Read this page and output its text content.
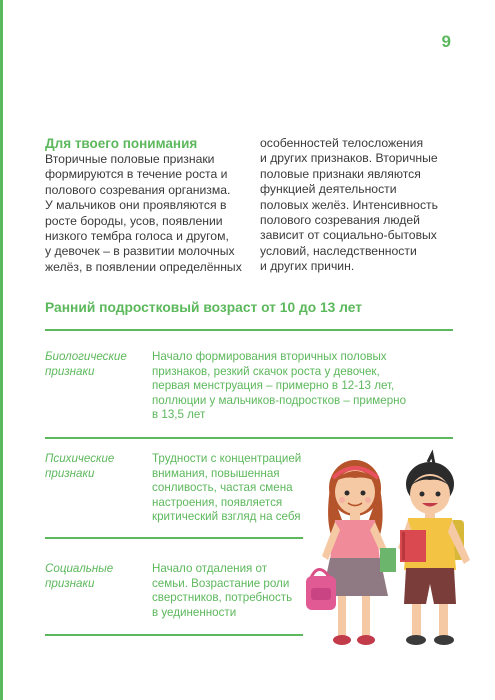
9
Для твоего понимания
Вторичные половые признаки
формируются в течение роста и
полового созревания организма.
У мальчиков они проявляются в
росте бороды, усов, появлении
низкого тембра голоса и другом,
у девочек – в развитии молочных
желёз, в появлении определённых
особенностей телосложения
и других признаков. Вторичные
половые признаки являются
функцией деятельности
половых желёз. Интенсивность
полового созревания людей
зависит от социально-бытовых
условий, наследственности
и других причин.
Ранний подростковый возраст от 10 до 13 лет
Биологические
признаки
Начало формирования вторичных половых
признаков, резкий скачок роста у девочек,
первая менструация – примерно в 12-13 лет,
поллюции у мальчиков-подростков – примерно
в 13,5 лет
Психические
признаки
Трудности с концентрацией
внимания, повышенная
сонливость, частая смена
настроения, появляется
критический взгляд на себя
Социальные
признаки
Начало отдаления от
семьи. Возрастание роли
сверстников, потребность
в уединенности
